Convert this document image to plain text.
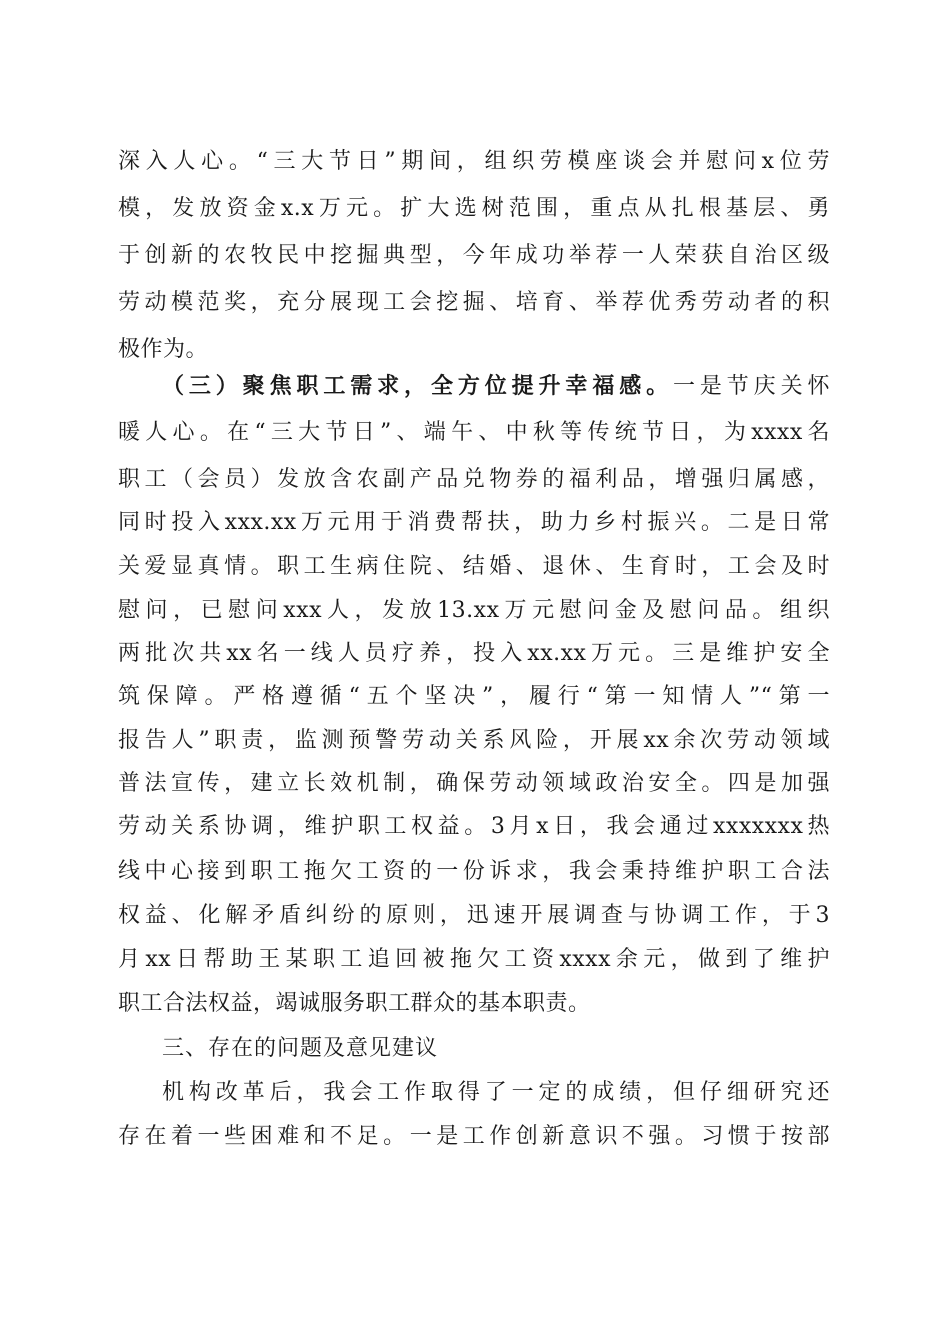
深入人心。“三大节日”期间，组织劳模座谈会并慰问x位劳
模，发放资金x.x万元。扩大选树范围，重点从扎根基层、勇
于创新的农牧民中挖掘典型，今年成功举荐一人荣获自治区级
劳动模范奖，充分展现工会挖掘、培育、举荐优秀劳动者的积
极作为。
（三）聚焦职工需求，全方位提升幸福感。一是节庆关怀
暖人心。在“三大节日”、端午、中秋等传统节日，为xxxx名
职工（会员）发放含农副产品兑物券的福利品，增强归属感，
同时投入xxx.xx万元用于消费帮扶，助力乡村振兴。二是日常
关爱显真情。职工生病住院、结婚、退休、生育时，工会及时
慰问，已慰问xxx人，发放13.xx万元慰问金及慰问品。组织
两批次共xx名一线人员疗养，投入xx.xx万元。三是维护安全
筑保障。严格遵循“五个坚决”，履行“第一知情人”“第一
报告人”职责，监测预警劳动关系风险，开展xx余次劳动领域
普法宣传，建立长效机制，确保劳动领域政治安全。四是加强
劳动关系协调，维护职工权益。3月x日，我会通过xxxxxxx热
线中心接到职工拖欠工资的一份诉求，我会秉持维护职工合法
权益、化解矛盾纠纷的原则，迅速开展调查与协调工作，于3
月xx日帮助王某职工追回被拖欠工资xxxx余元，做到了维护
职工合法权益，竭诚服务职工群众的基本职责。
三、存在的问题及意见建议
机构改革后，我会工作取得了一定的成绩，但仔细研究还
存在着一些困难和不足。一是工作创新意识不强。习惯于按部
